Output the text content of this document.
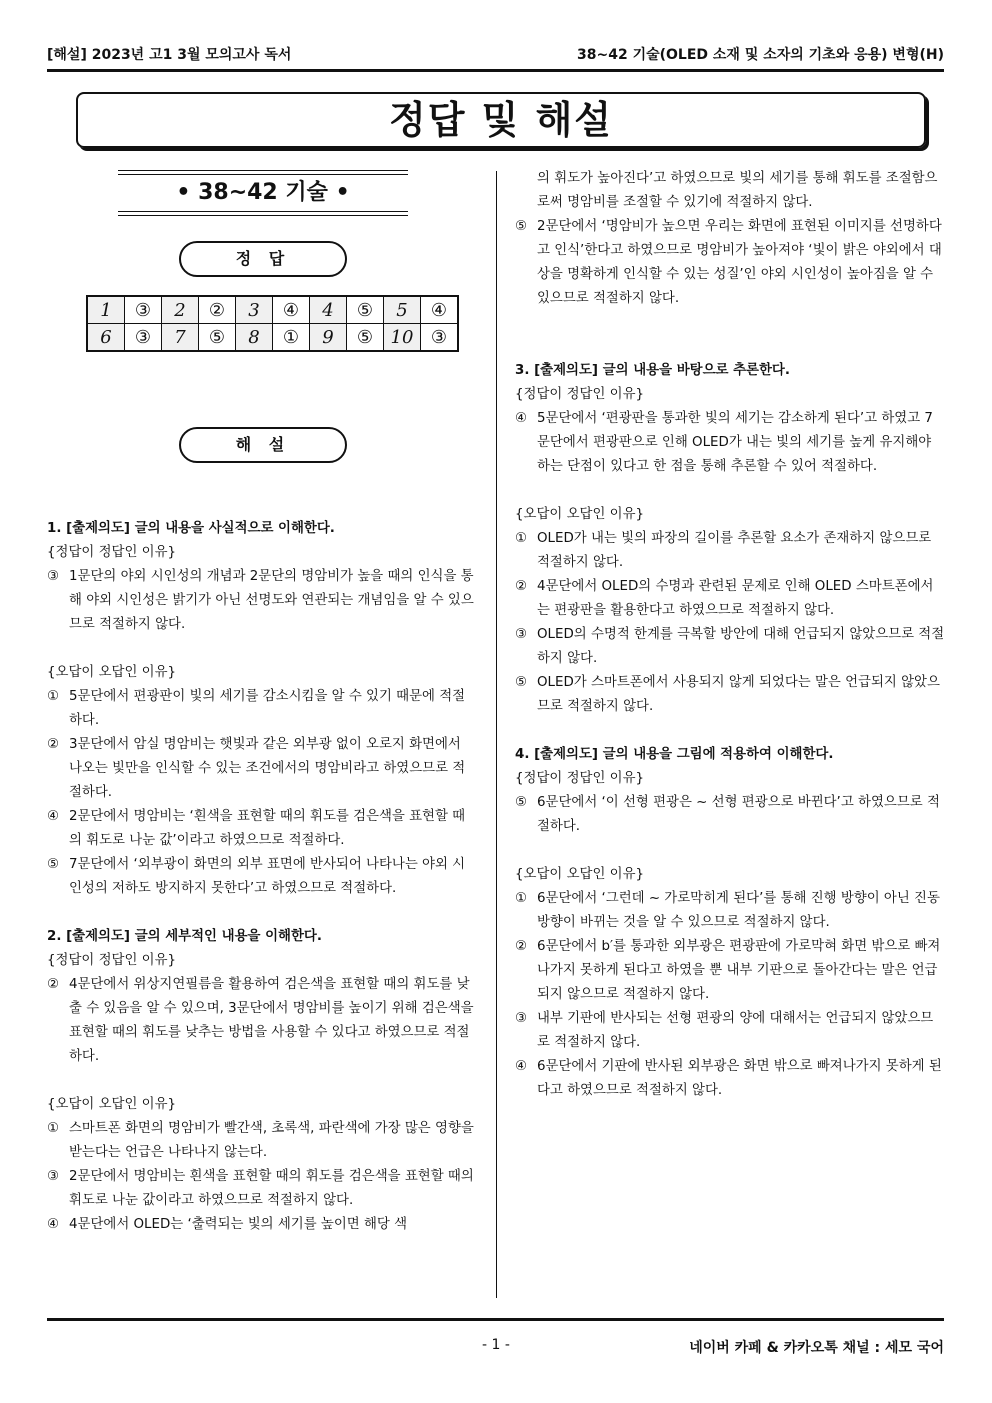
[해설] 2023년 고1 3월 모의고사 독서	38~42 기술(OLED 소재 및 소자의 기초와 응용) 변형(H)
정답 및 해설
• 38~42 기술 •
정 답
1	③	2	②	3	④	4	⑤	5	④
6	③	7	⑤	8	①	9	⑤	10	③
해 설

1. [출제의도] 글의 내용을 사실적으로 이해한다.

{정답이 정답인 이유}

③ 1문단의 야외 시인성의 개념과 2문단의 명암비가 높을 때의 인식을 통해 야외 시인성은 밝기가 아닌 선명도와 연관되는 개념임을 알 수 있으므로 적절하지 않다.

{오답이 오답인 이유}

① 5문단에서 편광판이 빛의 세기를 감소시킴을 알 수 있기 때문에 적절하다.
② 3문단에서 암실 명암비는 햇빛과 같은 외부광 없이 오로지 화면에서 나오는 빛만을 인식할 수 있는 조건에서의 명암비라고 하였으므로 적절하다.
④ 2문단에서 명암비는 ‘흰색을 표현할 때의 휘도를 검은색을 표현할 때의 휘도로 나눈 값’이라고 하였으므로 적절하다.
⑤ 7문단에서 ‘외부광이 화면의 외부 표면에 반사되어 나타나는 야외 시인성의 저하도 방지하지 못한다’고 하였으므로 적절하다.

2. [출제의도] 글의 세부적인 내용을 이해한다.

{정답이 정답인 이유}

② 4문단에서 위상지연필름을 활용하여 검은색을 표현할 때의 휘도를 낮출 수 있음을 알 수 있으며, 3문단에서 명암비를 높이기 위해 검은색을 표현할 때의 휘도를 낮추는 방법을 사용할 수 있다고 하였으므로 적절하다.

{오답이 오답인 이유}

① 스마트폰 화면의 명암비가 빨간색, 초록색, 파란색에 가장 많은 영향을 받는다는 언급은 나타나지 않는다.
③ 2문단에서 명암비는 흰색을 표현할 때의 휘도를 검은색을 표현할 때의 휘도로 나눈 값이라고 하였으므로 적절하지 않다.
④ 4문단에서 OLED는 ‘출력되는 빛의 세기를 높이면 해당 색

의 휘도가 높아진다’고 하였으므로 빛의 세기를 통해 휘도를 조절함으로써 명암비를 조절할 수 있기에 적절하지 않다.

⑤ 2문단에서 ‘명암비가 높으면 우리는 화면에 표현된 이미지를 선명하다고 인식’한다고 하였으므로 명암비가 높아져야 ‘빛이 밝은 야외에서 대상을 명확하게 인식할 수 있는 성질’인 야외 시인성이 높아짐을 알 수 있으므로 적절하지 않다.

3. [출제의도] 글의 내용을 바탕으로 추론한다.

{정답이 정답인 이유}

④ 5문단에서 ‘편광판을 통과한 빛의 세기는 감소하게 된다’고 하였고 7문단에서 편광판으로 인해 OLED가 내는 빛의 세기를 높게 유지해야 하는 단점이 있다고 한 점을 통해 추론할 수 있어 적절하다.

{오답이 오답인 이유}

① OLED가 내는 빛의 파장의 길이를 추론할 요소가 존재하지 않으므로 적절하지 않다.
② 4문단에서 OLED의 수명과 관련된 문제로 인해 OLED 스마트폰에서는 편광판을 활용한다고 하였으므로 적절하지 않다.
③ OLED의 수명적 한계를 극복할 방안에 대해 언급되지 않았으므로 적절하지 않다.
⑤ OLED가 스마트폰에서 사용되지 않게 되었다는 말은 언급되지 않았으므로 적절하지 않다.

4. [출제의도] 글의 내용을 그림에 적용하여 이해한다.

{정답이 정답인 이유}

⑤ 6문단에서 ‘이 선형 편광은 ~ 선형 편광으로 바뀐다’고 하였으므로 적절하다.

{오답이 오답인 이유}

① 6문단에서 ‘그런데 ~ 가로막히게 된다’를 통해 진행 방향이 아닌 진동 방향이 바뀌는 것을 알 수 있으므로 적절하지 않다.
② 6문단에서 b′를 통과한 외부광은 편광판에 가로막혀 화면 밖으로 빠져나가지 못하게 된다고 하였을 뿐 내부 기판으로 돌아간다는 말은 언급되지 않으므로 적절하지 않다.
③ 내부 기판에 반사되는 선형 편광의 양에 대해서는 언급되지 않았으므로 적절하지 않다.
④ 6문단에서 기판에 반사된 외부광은 화면 밖으로 빠져나가지 못하게 된다고 하였으므로 적절하지 않다.
- 1 -	네이버 카페 & 카카오톡 채널 : 세모 국어
